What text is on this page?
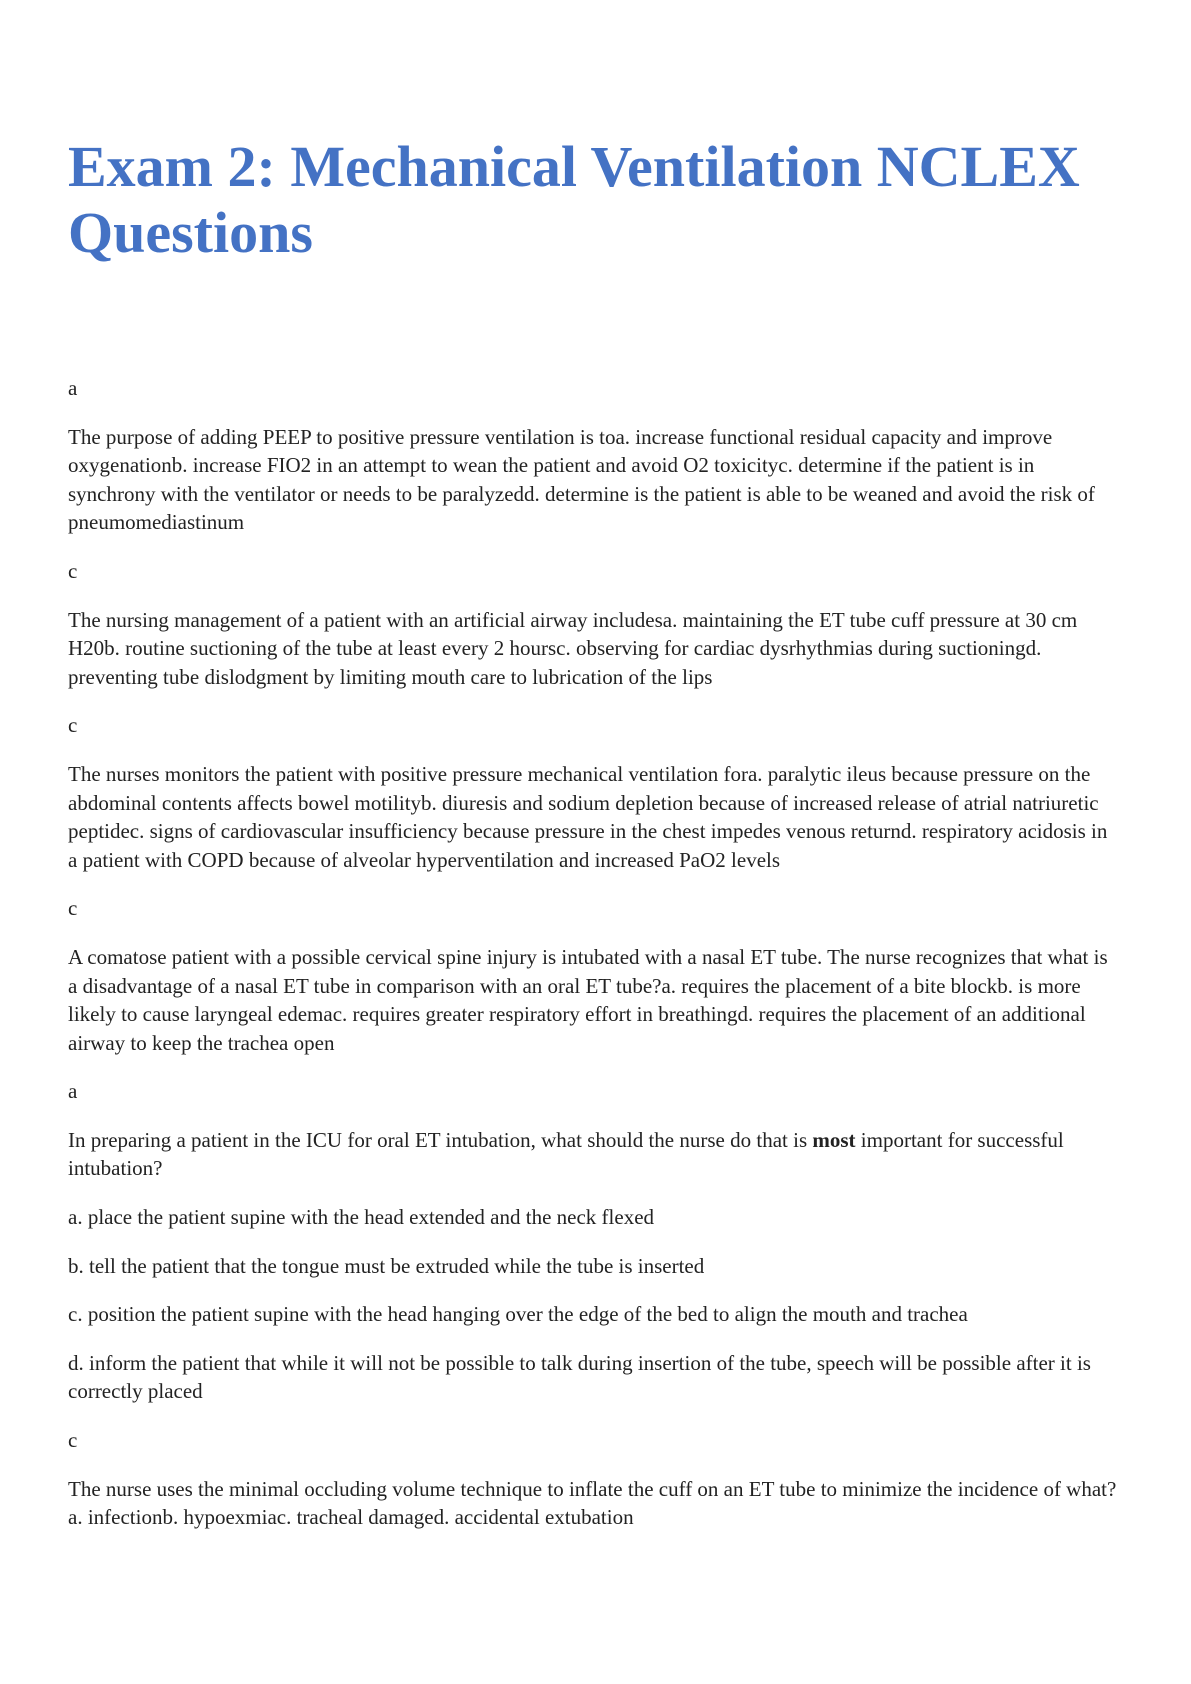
Exam 2: Mechanical Ventilation NCLEX Questions

a

The purpose of adding PEEP to positive pressure ventilation is toa. increase functional residual capacity and improve oxygenationb. increase FIO2 in an attempt to wean the patient and avoid O2 toxicityc. determine if the patient is in synchrony with the ventilator or needs to be paralyzedd. determine is the patient is able to be weaned and avoid the risk of pneumomediastinum

c

The nursing management of a patient with an artificial airway includesa. maintaining the ET tube cuff pressure at 30 cm H20b. routine suctioning of the tube at least every 2 hoursc. observing for cardiac dysrhythmias during suctioningd. preventing tube dislodgment by limiting mouth care to lubrication of the lips

c

The nurses monitors the patient with positive pressure mechanical ventilation fora. paralytic ileus because pressure on the abdominal contents affects bowel motilityb. diuresis and sodium depletion because of increased release of atrial natriuretic peptidec. signs of cardiovascular insufficiency because pressure in the chest impedes venous returnd. respiratory acidosis in a patient with COPD because of alveolar hyperventilation and increased PaO2 levels

c

A comatose patient with a possible cervical spine injury is intubated with a nasal ET tube. The nurse recognizes that what is a disadvantage of a nasal ET tube in comparison with an oral ET tube?a. requires the placement of a bite blockb. is more likely to cause laryngeal edemac. requires greater respiratory effort in breathingd. requires the placement of an additional airway to keep the trachea open

a

In preparing a patient in the ICU for oral ET intubation, what should the nurse do that is most important for successful intubation?

a. place the patient supine with the head extended and the neck flexed

b. tell the patient that the tongue must be extruded while the tube is inserted

c. position the patient supine with the head hanging over the edge of the bed to align the mouth and trachea

d. inform the patient that while it will not be possible to talk during insertion of the tube, speech will be possible after it is correctly placed

c

The nurse uses the minimal occluding volume technique to inflate the cuff on an ET tube to minimize the incidence of what?a. infectionb. hypoexmiac. tracheal damaged. accidental extubation
